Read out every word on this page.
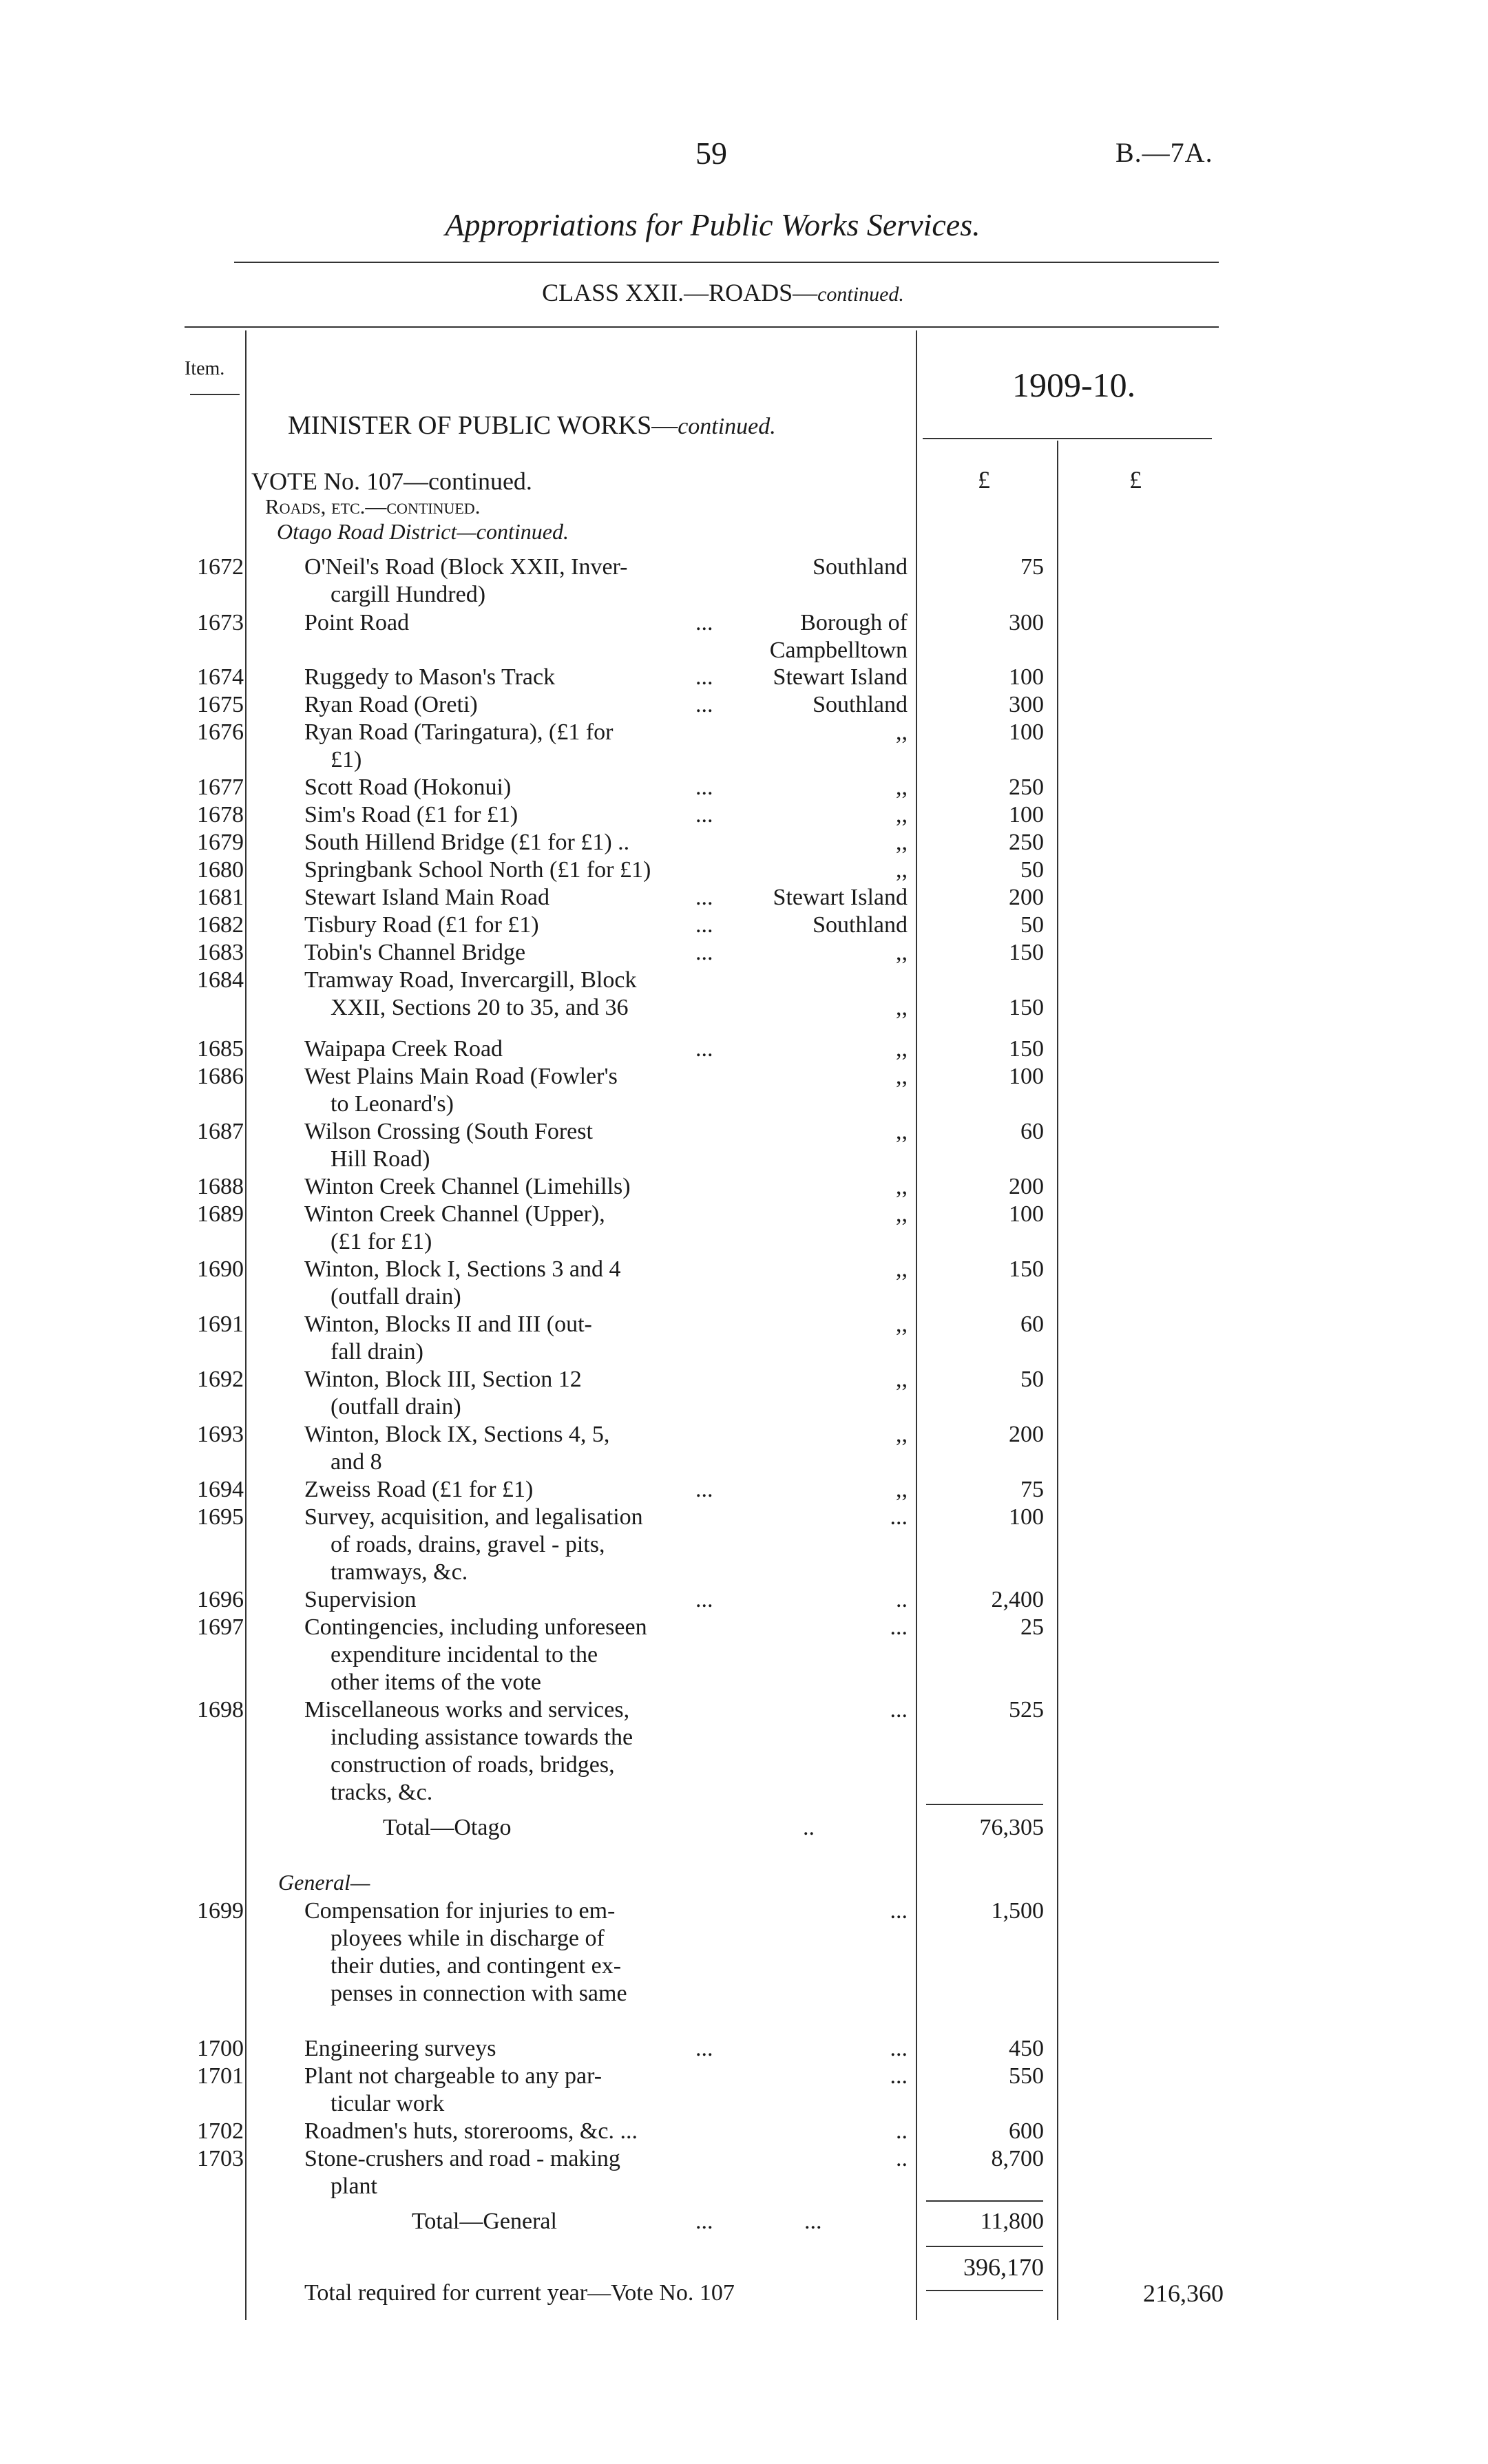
59	B.—7A.
Appropriations for Public Works Services.
CLASS XXII.—ROADS—continued.
Item.	1909-10.
MINISTER OF PUBLIC WORKS—continued.
£	£
VOTE No. 107—continued.
Roads, etc.—continued.
Otago Road District—continued.
1672	O'Neil's Road (Block XXII, Inver-
cargill Hundred)
Southland	75
1673	Point Road	...	Borough of
Campbelltown
300
1674	Ruggedy to Mason's Track	...	Stewart Island	100
1675	Ryan Road (Oreti)	...	Southland	300
1676	Ryan Road (Taringatura), (£1 for
£1)
,,	100
1677	Scott Road (Hokonui)	...	,,	250
1678	Sim's Road (£1 for £1)	...	,,	100
1679	South Hillend Bridge (£1 for £1) ..	,,	250
1680	Springbank School North (£1 for £1)	,,	50
1681	Stewart Island Main Road	...	Stewart Island	200
1682	Tisbury Road (£1 for £1)	...	Southland	50
1683	Tobin's Channel Bridge	...	,,	150
1684	Tramway Road, Invercargill, Block
XXII, Sections 20 to 35, and 36
	,,	150
1685	Waipapa Creek Road	...	,,	150
1686	West Plains Main Road (Fowler's
to Leonard's)
,,	100
1687	Wilson Crossing (South Forest
Hill Road)
,,	60
1688	Winton Creek Channel (Limehills)	,,	200
1689	Winton Creek Channel (Upper),
(£1 for £1)
,,	100
1690	Winton, Block I, Sections 3 and 4
(outfall drain)
,,	150
1691	Winton, Blocks II and III (out-
fall drain)
,,	60
1692	Winton, Block III, Section 12
(outfall drain)
,,	50
1693	Winton, Block IX, Sections 4, 5,
and 8
,,	200
1694	Zweiss Road (£1 for £1)	...	,,	75
1695	Survey, acquisition, and legalisation
of roads, drains, gravel - pits,
tramways, &c.
...	100
1696	Supervision	...	..	2,400
1697	Contingencies, including unforeseen
expenditure incidental to the
other items of the vote
...	25
1698	Miscellaneous works and services,
including assistance towards the
construction of roads, bridges,
tracks, &c.
...	525
Total—Otago	..	76,305
General—
1699	Compensation for injuries to em-
ployees while in discharge of
their duties, and contingent ex-
penses in connection with same
...	1,500
1700	Engineering surveys	...	...	450
1701	Plant not chargeable to any par-
ticular work
...	550
1702	Roadmen's huts, storerooms, &c. ...	..	600
1703	Stone-crushers and road - making
plant
..	8,700
Total—General	...	...	11,800
396,170
Total required for current year—Vote No. 107	216,360
